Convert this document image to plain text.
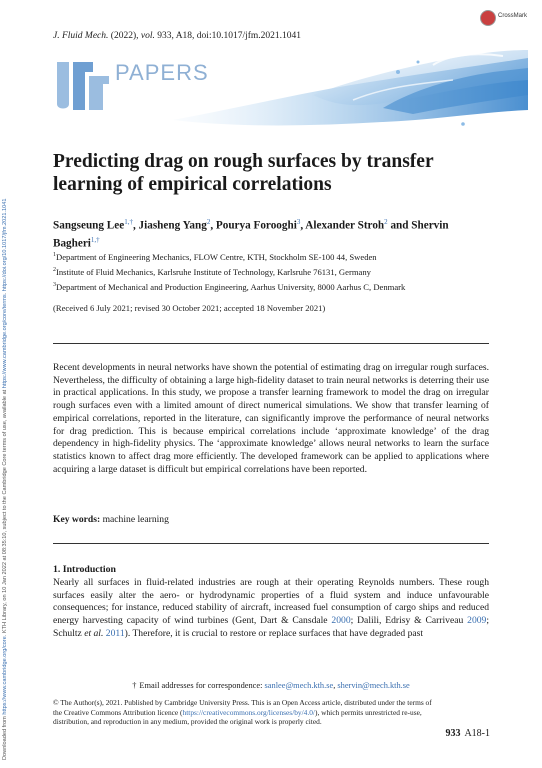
Downloaded from https://www.cambridge.org/core. KTH Library, on 10 Jan 2022 at 08:35:10, subject to the Cambridge Core terms of use, available at https://www.cambridge.org/core/terms. https://doi.org/10.1017/jfm.2021.1041
J. Fluid Mech. (2022), vol. 933, A18, doi:10.1017/jfm.2021.1041
CrossMark
PAPERS
Predicting drag on rough surfaces by transfer learning of empirical correlations
Sangseung Lee$^{1,\dagger}$, Jiasheng Yang$^2$, Pourya Forooghi$^3$, Alexander Stroh$^2$ and Shervin Bagheri$^{1,\dagger}$
$^1$Department of Engineering Mechanics, FLOW Centre, KTH, Stockholm SE-100 44, Sweden
$^2$Institute of Fluid Mechanics, Karlsruhe Institute of Technology, Karlsruhe 76131, Germany
$^3$Department of Mechanical and Production Engineering, Aarhus University, 8000 Aarhus C, Denmark
(Received 6 July 2021; revised 30 October 2021; accepted 18 November 2021)
Recent developments in neural networks have shown the potential of estimating drag on irregular rough surfaces. Nevertheless, the difficulty of obtaining a large high-fidelity dataset to train neural networks is deterring their use in practical applications. In this study, we propose a transfer learning framework to model the drag on irregular rough surfaces even with a limited amount of direct numerical simulations. We show that transfer learning of empirical correlations, reported in the literature, can significantly improve the performance of neural networks for drag prediction. This is because empirical correlations include ‘approximate knowledge’ of the drag dependency in high-fidelity physics. The ‘approximate knowledge’ allows neural networks to learn the surface statistics known to affect drag more efficiently. The developed framework can be applied to applications where acquiring a large dataset is difficult but empirical correlations have been reported.
Key words: machine learning
1. Introduction
Nearly all surfaces in fluid-related industries are rough at their operating Reynolds numbers. These rough surfaces easily alter the aero- or hydrodynamic properties of a fluid system and induce unfavourable consequences; for instance, reduced stability of aircraft, increased fuel consumption of cargo ships and reduced energy harvesting capacity of wind turbines (Gent, Dart & Cansdale 2000; Dalili, Edrisy & Carriveau 2009; Schultz et al. 2011). Therefore, it is crucial to restore or replace surfaces that have degraded past
† Email addresses for correspondence: sanlee@mech.kth.se, shervin@mech.kth.se
© The Author(s), 2021. Published by Cambridge University Press. This is an Open Access article, distributed under the terms of the Creative Commons Attribution licence (https://creativecommons.org/licenses/by/4.0/), which permits unrestricted re-use, distribution, and reproduction in any medium, provided the original work is properly cited.
933 A18-1
